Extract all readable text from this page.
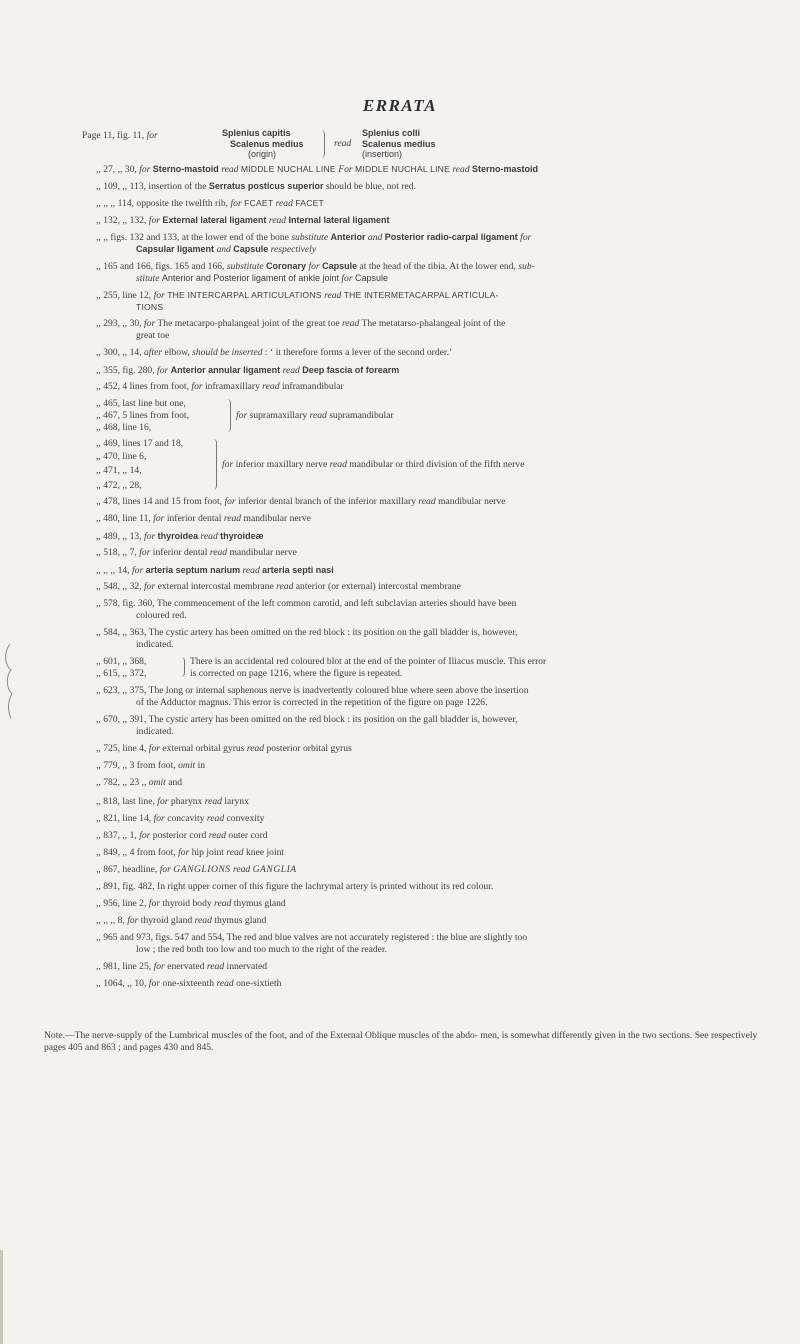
ERRATA
Page 11, fig. 11, for	Splenius capitis
Scalenus medius
(origin)
read
Splenius colli
Scalenus medius
(insertion)
,, 27, ,, 30, for Sterno-mastoid read MIDDLE NUCHAL LINE For MIDDLE NUCHAL LINE read Sterno-mastoid
,, 109, ,, 113, insertion of the Serratus posticus superior should be blue, not red.
,, ,, ,, 114, opposite the twelfth rib, for FCAET read FACET
,, 132, ,, 132, for External lateral ligament read Internal lateral ligament
,, ,, figs. 132 and 133, at the lower end of the bone substitute Anterior and Posterior radio-carpal ligament for
Capsular ligament and Capsule respectively
,, 165 and 166, figs. 165 and 166, substitute Coronary for Capsule at the head of the tibia. At the lower end, sub-
stitute Anterior and Posterior ligament of ankle joint for Capsule
,, 255, line 12, for THE INTERCARPAL ARTICULATIONS read THE INTERMETACARPAL ARTICULA-
TIONS
,, 293, ,, 30, for The metacarpo-phalangeal joint of the great toe read The metatarso-phalangeal joint of the
great toe
,, 300, ,, 14, after elbow, should be inserted : ‘ it therefore forms a lever of the second order.’
,, 355, fig. 280, for Anterior annular ligament read Deep fascia of forearm
,, 452, 4 lines from foot, for inframaxillary read inframandibular
,, 465, last line but one,
,, 467, 5 lines from foot,
,, 468, line 16,
for supramaxillary read supramandibular
,, 469, lines 17 and 18,
,, 470, line 6,
,, 471, ,, 14,
,, 472, ,, 28,
for inferior maxillary nerve read mandibular or third division of the fifth nerve
,, 478, lines 14 and 15 from foot, for inferior dental branch of the inferior maxillary read mandibular nerve
,, 480, line 11, for inferior dental read mandibular nerve
,, 489, ,, 13, for thyroidea read thyroideæ
,, 518, ,, 7, for inferior dental read mandibular nerve
,, ,, ,, 14, for arteria septum narium read arteria septi nasi
,, 548, ,, 32, for external intercostal membrane read anterior (or external) intercostal membrane
,, 578, fig. 360, The commencement of the left common carotid, and left subclavian arteries should have been
coloured red.
,, 584, ,, 363, The cystic artery has been omitted on the red block : its position on the gall bladder is, however,
indicated.
,, 601, ,, 368,
,, 615, ,, 372,
There is an accidental red coloured blot at the end of the pointer of Iliacus muscle. This error
is corrected on page 1216, where the figure is repeated.
,, 623, ,, 375, The long or internal saphenous nerve is inadvertently coloured blue where seen above the insertion
of the Adductor magnus. This error is corrected in the repetition of the figure on page 1226.
,, 670, ,, 391, The cystic artery has been omitted on the red block : its position on the gall bladder is, however,
indicated.
,, 725, line 4, for external orbital gyrus read posterior orbital gyrus
,, 779, ,, 3 from foot, omit in
,, 782, ,, 23 ,, omit and
,, 818, last line, for pharynx read larynx
,, 821, line 14, for concavity read convexity
,, 837, ,, 1, for posterior cord read outer cord
,, 849, ,, 4 from foot, for hip joint read knee joint
,, 867, headline, for GANGLIONS read GANGLIA
,, 891, fig. 482, In right upper corner of this figure the lachrymal artery is printed without its red colour.
,, 956, line 2, for thyroid body read thymus gland
,, ,, ,, 8, for thyroid gland read thymus gland
,, 965 and 973, figs. 547 and 554, The red and blue valves are not accurately registered : the blue are slightly too
low ; the red both too low and too much to the right of the reader.
,, 981, line 25, for enervated read innervated
,, 1064, ,, 10, for one-sixteenth read one-sixtieth
Note.—The nerve-supply of the Lumbrical muscles of the foot, and of the External Oblique muscles of the abdo- men, is somewhat differently given in the two sections. See respectively pages 405 and 863 ; and pages 430 and 845.
